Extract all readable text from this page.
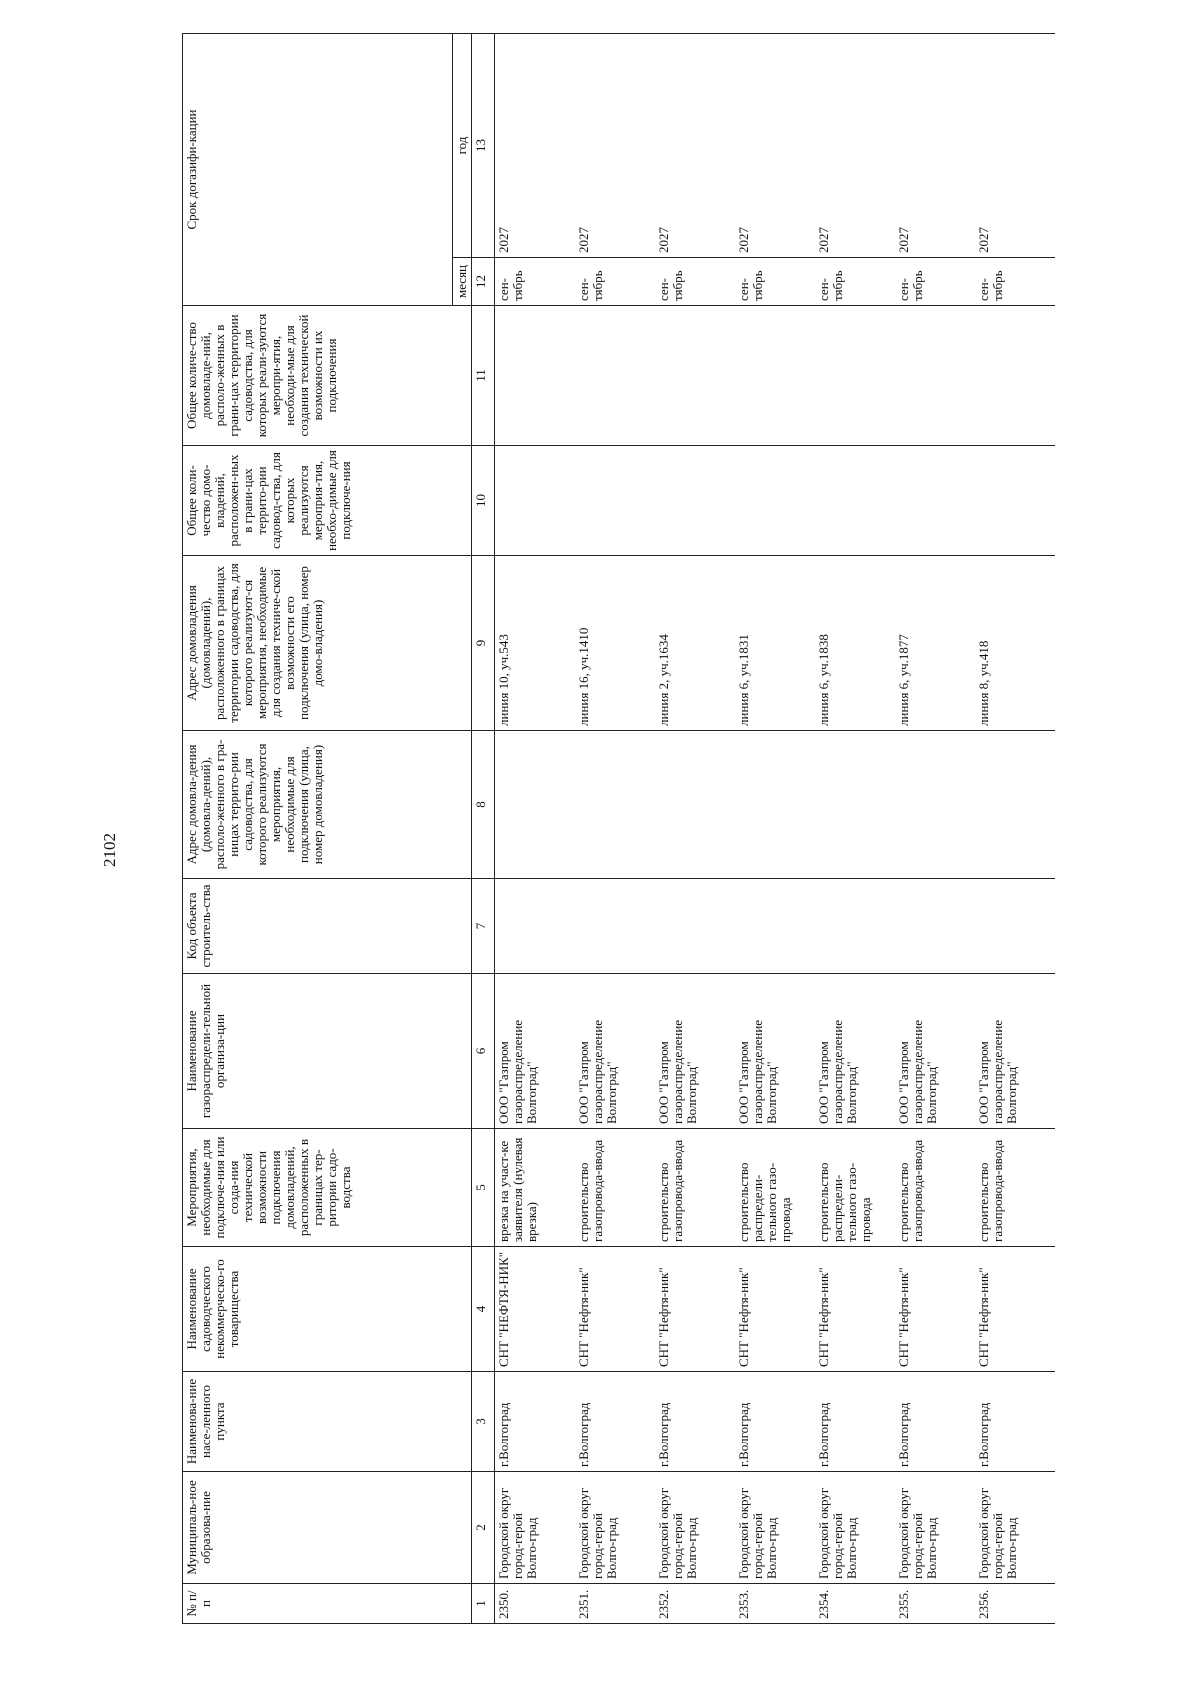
2102
№ п/п	Муниципаль-ное образова-ние	Наименова-ние насе-ленного пункта	Наименование садоводческого некоммерческо-го товарищества	Мероприятия, необходимые для подключе-ния или созда-ния технической возможности подключения домовладений, расположенных в границах тер-ритории садо-водства	Наименование газораспредели-тельной организа-ции	Код объекта строитель-ства	Адрес домовла-дения (домовла-дений), располо-женного в гра-ницах террито-рии садоводства, для которого реализуются мероприятия, необходимые для подключения (улица, номер домовладения)	Адрес домовладения (домовладений), расположенного в границах территории садоводства, для которого реализуют-ся мероприятия, необходимые для создания техниче-ской возможности его подключения (улица, номер домо-владения)	Общее коли-чество домо-владений, расположен-ных в грани-цах террито-рии садовод-ства, для которых реализуются мероприя-тия, необхо-димые для подключе-ния	Общее количе-ство домовладе-ний, располо-женных в грани-цах территории садоводства, для которых реали-зуются меропри-ятия, необходи-мые для создания технической возможности их подключения	Срок догазифи-кации	
											месяц	год
1	2	3	4	5	6	7	8	9	10	11	12	13
2350.	Городской округ город-герой Волго-град	г.Волгоград	СНТ "НЕФТЯ-НИК"	врезка на участ-ке заявителя (нулевая врезка)	ООО "Газпром газораспределение Волгоград"			линия 10, уч.543			сен-тябрь	2027
2351.	Городской округ город-герой Волго-град	г.Волгоград	СНТ "Нефтя-ник"	строительство газопровода-ввода	ООО "Газпром газораспределение Волгоград"			линия 16, уч.1410			сен-тябрь	2027
2352.	Городской округ город-герой Волго-град	г.Волгоград	СНТ "Нефтя-ник"	строительство газопровода-ввода	ООО "Газпром газораспределение Волгоград"			линия 2, уч.1634			сен-тябрь	2027
2353.	Городской округ город-герой Волго-град	г.Волгоград	СНТ "Нефтя-ник"	строительство распредели-тельного газо-провода	ООО "Газпром газораспределение Волгоград"			линия 6, уч.1831			сен-тябрь	2027
2354.	Городской округ город-герой Волго-град	г.Волгоград	СНТ "Нефтя-ник"	строительство распредели-тельного газо-провода	ООО "Газпром газораспределение Волгоград"			линия 6, уч.1838			сен-тябрь	2027
2355.	Городской округ город-герой Волго-град	г.Волгоград	СНТ "Нефтя-ник"	строительство газопровода-ввода	ООО "Газпром газораспределение Волгоград"			линия 6, уч.1877			сен-тябрь	2027
2356.	Городской округ город-герой Волго-град	г.Волгоград	СНТ "Нефтя-ник"	строительство газопровода-ввода	ООО "Газпром газораспределение Волгоград"			линия 8, уч.418			сен-тябрь	2027
